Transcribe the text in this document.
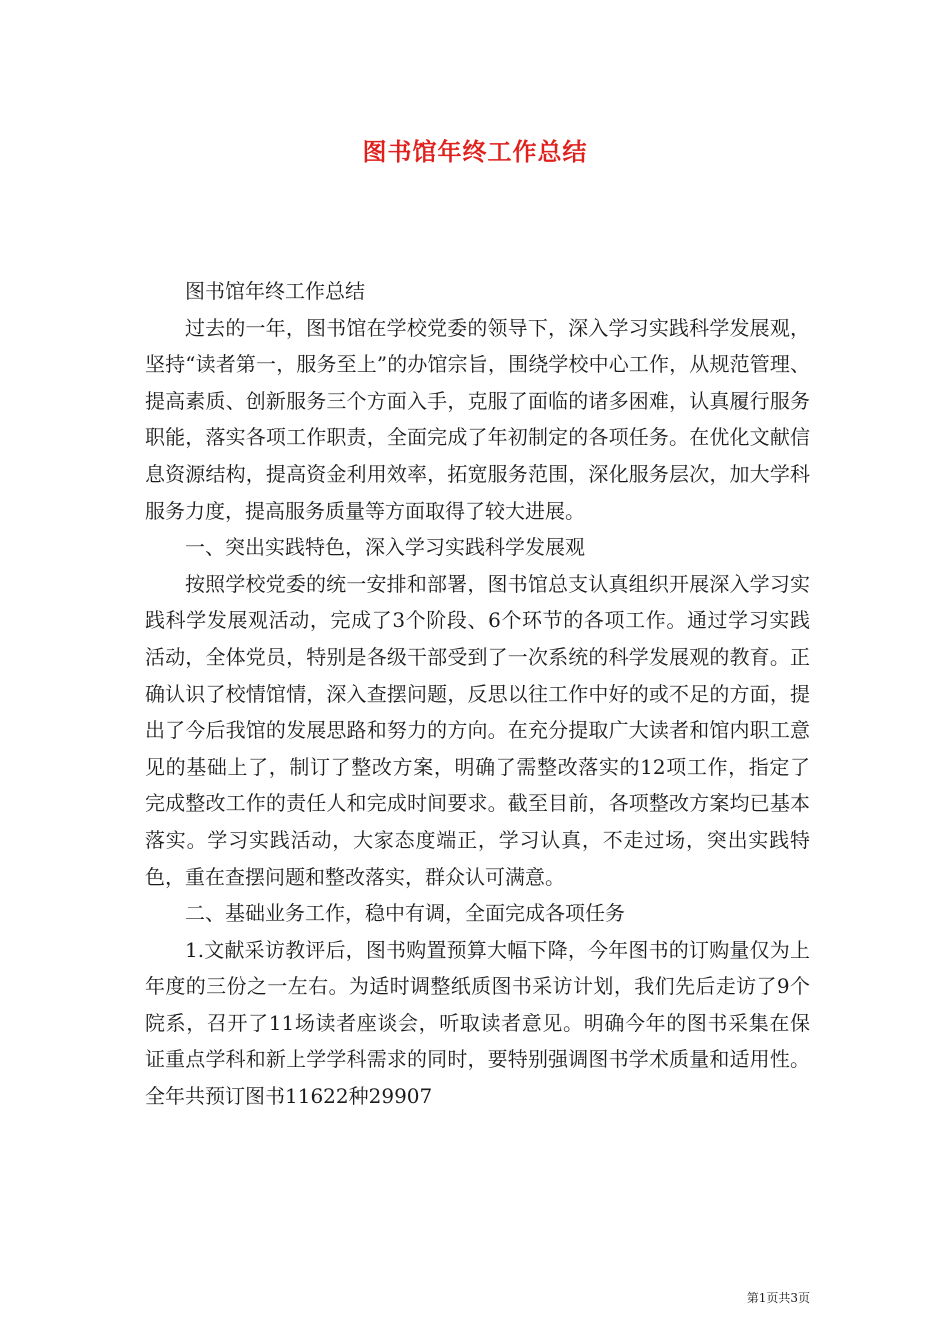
图书馆年终工作总结

图书馆年终工作总结

过去的一年，图书馆在学校党委的领导下，深入学习实践科学发展观，坚持“读者第一，服务至上”的办馆宗旨，围绕学校中心工作，从规范管理、提高素质、创新服务三个方面入手，克服了面临的诸多困难，认真履行服务职能，落实各项工作职责，全面完成了年初制定的各项任务。在优化文献信息资源结构，提高资金利用效率，拓宽服务范围，深化服务层次，加大学科服务力度，提高服务质量等方面取得了较大进展。

一、突出实践特色，深入学习实践科学发展观

按照学校党委的统一安排和部署，图书馆总支认真组织开展深入学习实践科学发展观活动，完成了3个阶段、6个环节的各项工作。通过学习实践活动，全体党员，特别是各级干部受到了一次系统的科学发展观的教育。正确认识了校情馆情，深入查摆问题，反思以往工作中好的或不足的方面，提出了今后我馆的发展思路和努力的方向。在充分提取广大读者和馆内职工意见的基础上了，制订了整改方案，明确了需整改落实的12项工作，指定了完成整改工作的责任人和完成时间要求。截至目前，各项整改方案均已基本落实。学习实践活动，大家态度端正，学习认真，不走过场，突出实践特色，重在查摆问题和整改落实，群众认可满意。

二、基础业务工作，稳中有调，全面完成各项任务

1.文献采访教评后，图书购置预算大幅下降，今年图书的订购量仅为上年度的三份之一左右。为适时调整纸质图书采访计划，我们先后走访了9个院系，召开了11场读者座谈会，听取读者意见。明确今年的图书采集在保证重点学科和新上学学科需求的同时，要特别强调图书学术质量和适用性。全年共预订图书11622种29907

第1页共3页
